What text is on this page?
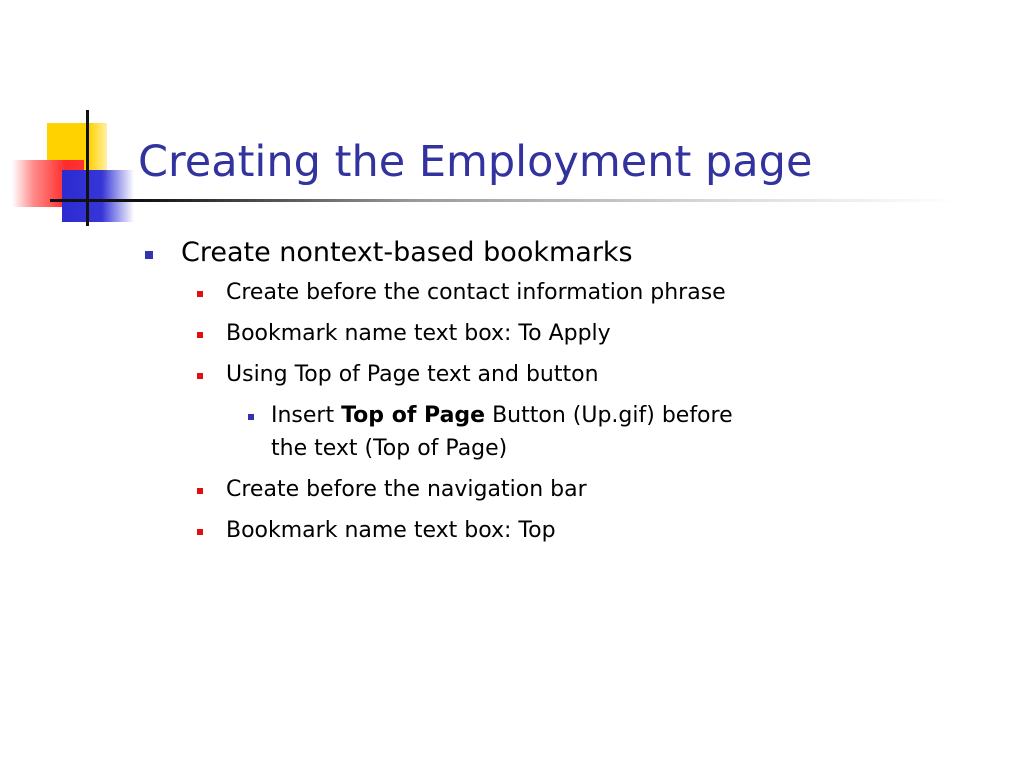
Creating the Employment page
Create nontext-based bookmarks
Create before the contact information phrase
Bookmark name text box: To Apply
Using Top of Page text and button
Insert Top of Page Button (Up.gif) before the text (Top of Page)
Create before the navigation bar
Bookmark name text box: Top
